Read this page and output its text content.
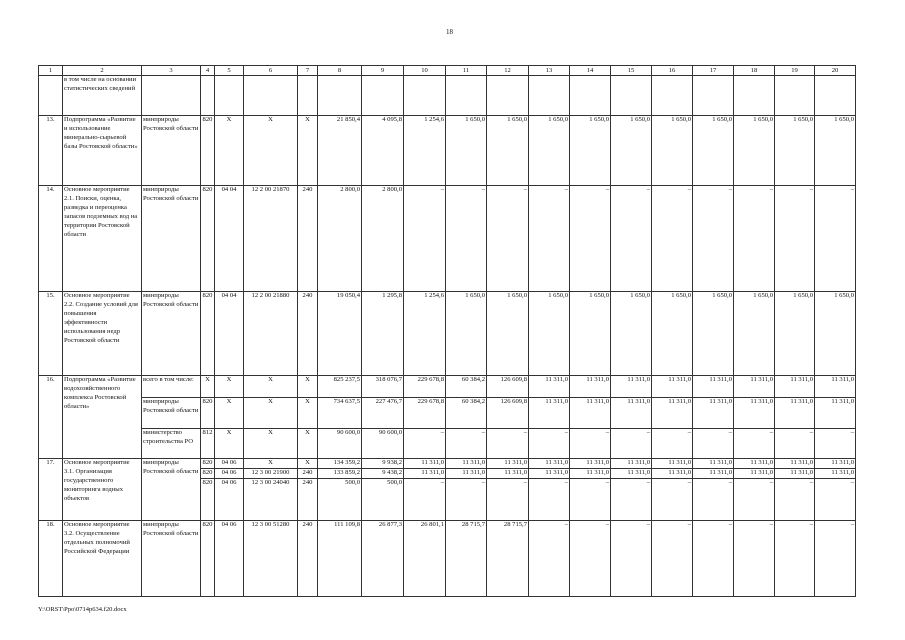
18
1	2	3	4	5	6	7	8	9	10	11	12	13	14	15	16	17	18	19	20
	в том числе на основании статистических сведений																		
13.	Подпрограмма «Развитие и использование минерально-сырьевой базы Ростовской области»	минприроды Ростовской области	820	Х	Х	Х	21 850,4	4 095,8	1 254,6	1 650,0	1 650,0	1 650,0	1 650,0	1 650,0	1 650,0	1 650,0	1 650,0	1 650,0	1 650,0
14.	Основное мероприятие 2.1. Поиски, оценка, разведка и переоценка запасов подземных вод на территории Ростовской области	минприроды Ростовской области	820	04 04	12 2 00 21870	240	2 800,0	2 800,0	–	–	–	–	–	–	–	–	–	–	–
15.	Основное мероприятие 2.2. Создание условий для повышения эффективности использования недр Ростовской области	минприроды Ростовской области	820	04 04	12 2 00 21880	240	19 050,4	1 295,8	1 254,6	1 650,0	1 650,0	1 650,0	1 650,0	1 650,0	1 650,0	1 650,0	1 650,0	1 650,0	1 650,0
16.	Подпрограмма «Развитие водохозяйственного комплекса Ростовской области»	всего в том числе:	Х	Х	Х	Х	825 237,5	318 076,7	229 678,8	60 384,2	126 609,8	11 311,0	11 311,0	11 311,0	11 311,0	11 311,0	11 311,0	11 311,0	11 311,0
		минприроды Ростовской области	820	Х	Х	Х	734 637,5	227 476,7	229 678,8	60 384,2	126 609,8	11 311,0	11 311,0	11 311,0	11 311,0	11 311,0	11 311,0	11 311,0	11 311,0
		министерство строительства РО	812	Х	Х	Х	90 600,0	90 600,0	–	–	–	–	–	–	–	–	–	–	–
17.	Основное мероприятие 3.1. Организация государственного мониторинга водных объектов	минприроды Ростовской области	820	04 06	Х	Х	134 359,2	9 938,2	11 311,0	11 311,0	11 311,0	11 311,0	11 311,0	11 311,0	11 311,0	11 311,0	11 311,0	11 311,0	11 311,0
			820	04 06	12 3 00 21900	240	133 859,2	9 438,2	11 311,0	11 311,0	11 311,0	11 311,0	11 311,0	11 311,0	11 311,0	11 311,0	11 311,0	11 311,0	11 311,0
			820	04 06	12 3 00 24040	240	500,0	500,0	–	–	–	–	–	–	–	–	–	–	–
18.	Основное мероприятие 3.2. Осуществление отдельных полномочий Российской Федерации	минприроды Ростовской области	820	04 06	12 3 00 51280	240	111 109,8	26 877,3	26 801,1	28 715,7	28 715,7	–	–	–	–	–	–	–	–
Y:\ORST\Ppo\0714p634.f20.docx
